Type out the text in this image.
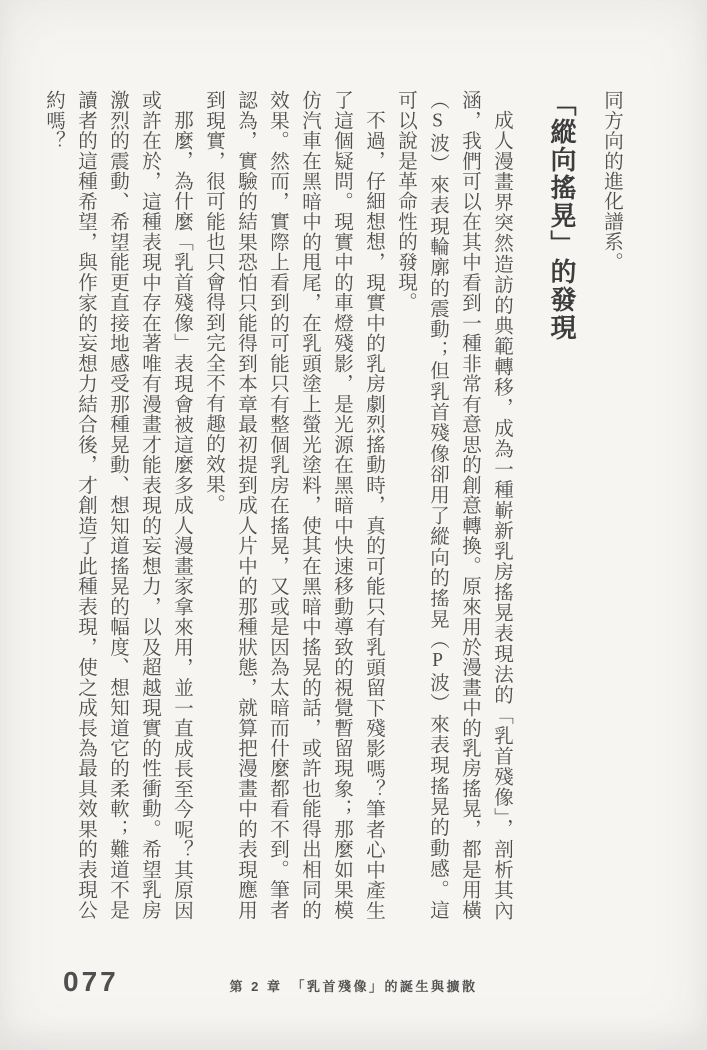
同方向的進化譜系。

「縱向搖晃」的發現

成人漫畫界突然造訪的典範轉移，成為一種嶄新乳房搖晃表現法的「乳首殘像」，剖析其內涵，我們可以在其中看到一種非常有意思的創意轉換。原來用於漫畫中的乳房搖晃，都是用橫（S波）來表現輪廓的震動；但乳首殘像卻用了縱向的搖晃（P波）來表現搖晃的動感。這可以說是革命性的發現。

不過，仔細想想，現實中的乳房劇烈搖動時，真的可能只有乳頭留下殘影嗎？筆者心中產生了這個疑問。現實中的車燈殘影，是光源在黑暗中快速移動導致的視覺暫留現象；那麼如果模仿汽車在黑暗中的甩尾，在乳頭塗上螢光塗料，使其在黑暗中搖晃的話，或許也能得出相同的效果。然而，實際上看到的可能只有整個乳房在搖晃，又或是因為太暗而什麼都看不到。筆者認為，實驗的結果恐怕只能得到本章最初提到成人片中的那種狀態，就算把漫畫中的表現應用到現實，很可能也只會得到完全不有趣的效果。

那麼，為什麼「乳首殘像」表現會被這麼多成人漫畫家拿來用，並一直成長至今呢？其原因或許在於，這種表現中存在著唯有漫畫才能表現的妄想力，以及超越現實的性衝動。希望乳房激烈的震動、希望能更直接地感受那種晃動、想知道搖晃的幅度、想知道它的柔軟；難道不是讀者的這種希望，與作家的妄想力結合後，才創造了此種表現，使之成長為最具效果的表現公約嗎？

077	第 2 章　「乳首殘像」的誕生與擴散
